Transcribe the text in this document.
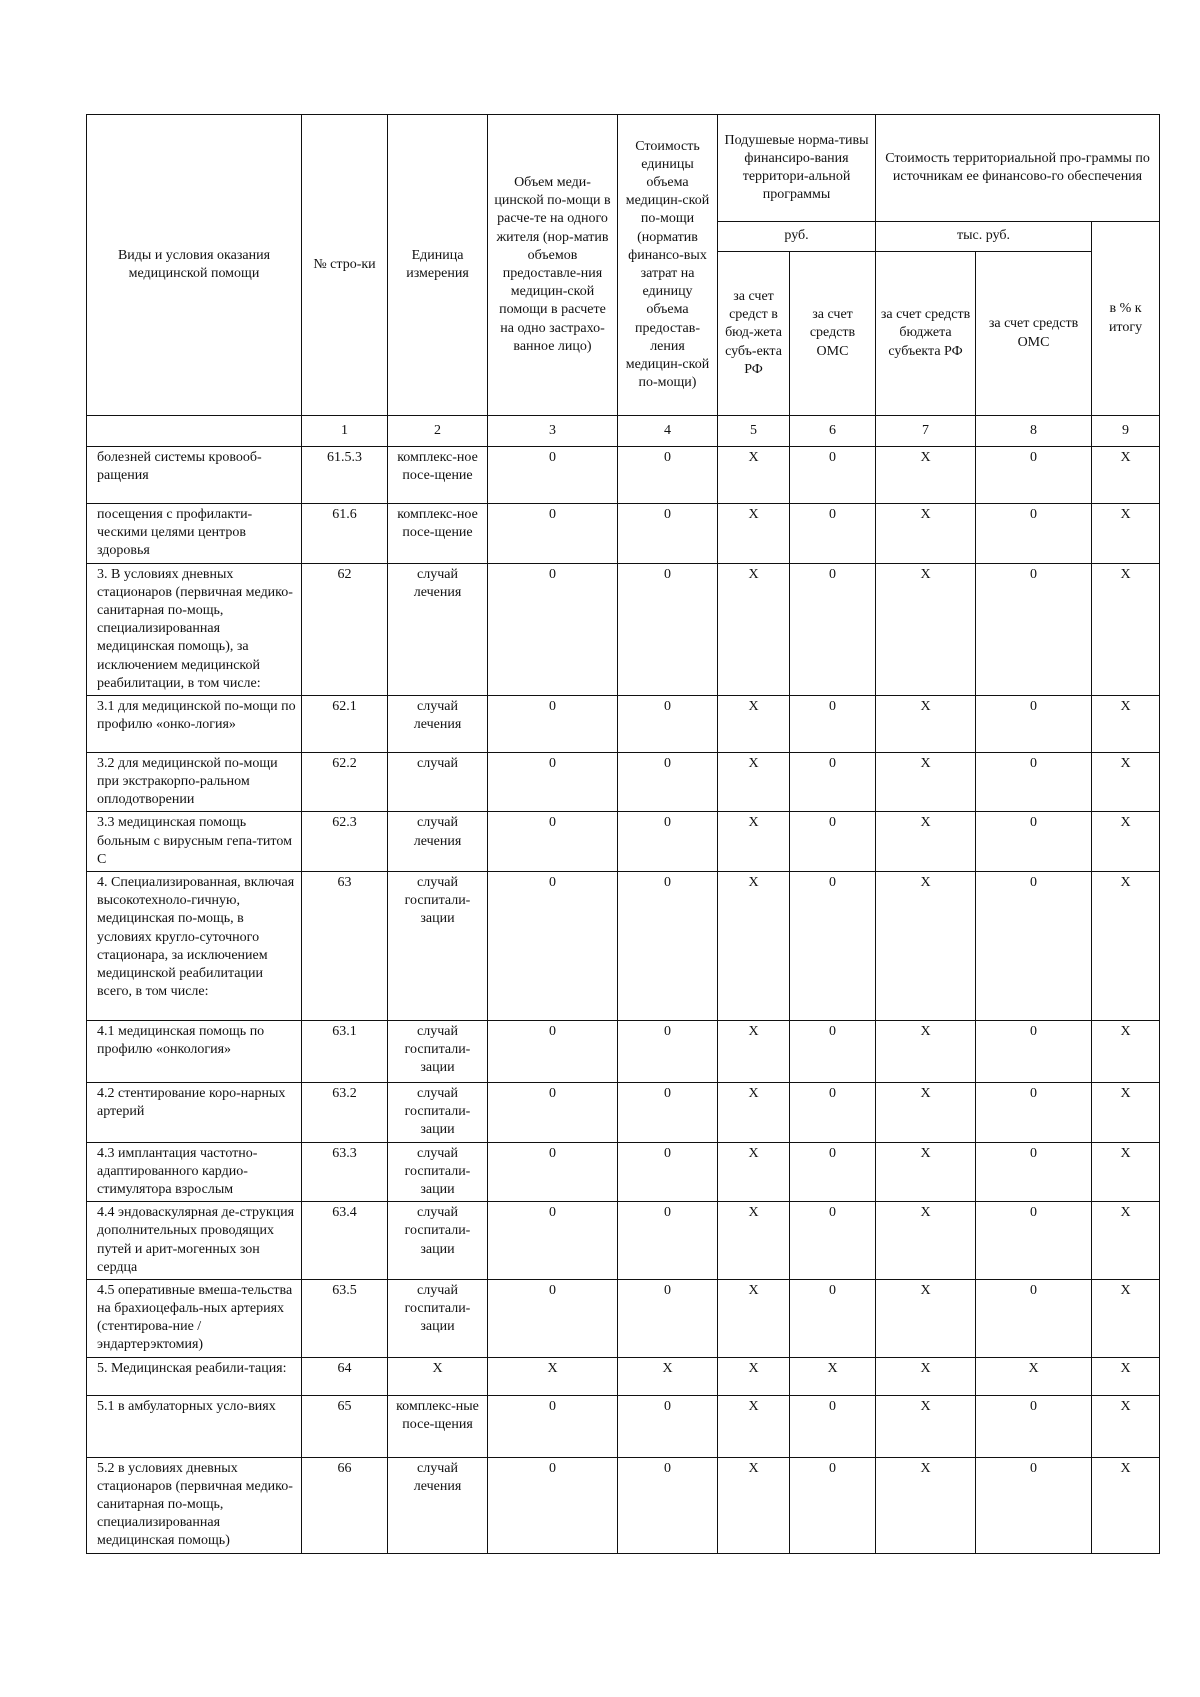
Виды и условия оказания медицинской помощи	№ стро-ки	Единица измерения	Объем меди-цинской по-мощи в расче-те на одного жителя (нор-матив объемов предоставле-ния медицин-ской помощи в расчете на одно застрахо-ванное лицо)	Стоимость единицы объема медицин-ской по-мощи (норматив финансо-вых затрат на единицу объема предостав-ления медицин-ской по-мощи)	Подушевые норма-тивы финансиро-вания территори-альной программы		Стоимость территориальной про-граммы по источникам ее финансово-го обеспечения		
					руб.		тыс. руб.		в % к итогу
					за счет средст в бюд-жета субъ-екта РФ	за счет средств ОМС	за счет средств бюджета субъекта РФ	за счет средств ОМС	
	1	2	3	4	5	6	7	8	9
болезней системы кровооб-ращения	61.5.3	комплекс-ное посе-щение	0	0	Х	0	Х	0	Х
посещения с профилакти-ческими целями центров здоровья	61.6	комплекс-ное посе-щение	0	0	Х	0	Х	0	Х
3. В условиях дневных стационаров (первичная медико-санитарная по-мощь, специализированная медицинская помощь), за исключением медицинской реабилитации, в том числе:	62	случай лечения	0	0	Х	0	Х	0	Х
3.1 для медицинской по-мощи по профилю «онко-логия»	62.1	случай лечения	0	0	Х	0	Х	0	Х
3.2 для медицинской по-мощи при экстракорпо-ральном оплодотворении	62.2	случай	0	0	Х	0	Х	0	Х
3.3 медицинская помощь больным с вирусным гепа-титом С	62.3	случай лечения	0	0	Х	0	Х	0	Х
4. Специализированная, включая высокотехноло-гичную, медицинская по-мощь, в условиях кругло-суточного стационара, за исключением медицинской реабилитации всего, в том числе:	63	случай госпитали-зации	0	0	Х	0	Х	0	Х
4.1 медицинская помощь по профилю «онкология»	63.1	случай госпитали-зации	0	0	Х	0	Х	0	Х
4.2 стентирование коро-нарных артерий	63.2	случай госпитали-зации	0	0	Х	0	Х	0	Х
4.3 имплантация частотно-адаптированного кардио-стимулятора взрослым	63.3	случай госпитали-зации	0	0	Х	0	Х	0	Х
4.4 эндоваскулярная де-струкция дополнительных проводящих путей и арит-могенных зон сердца	63.4	случай госпитали-зации	0	0	Х	0	Х	0	Х
4.5 оперативные вмеша-тельства на брахиоцефаль-ных артериях (стентирова-ние / эндартерэктомия)	63.5	случай госпитали-зации	0	0	Х	0	Х	0	Х
5. Медицинская реабили-тация:	64	Х	Х	Х	Х	Х	Х	Х	Х
5.1 в амбулаторных усло-виях	65	комплекс-ные посе-щения	0	0	Х	0	Х	0	Х
5.2 в условиях дневных стационаров (первичная медико-санитарная по-мощь, специализированная медицинская помощь)	66	случай лечения	0	0	Х	0	Х	0	Х
